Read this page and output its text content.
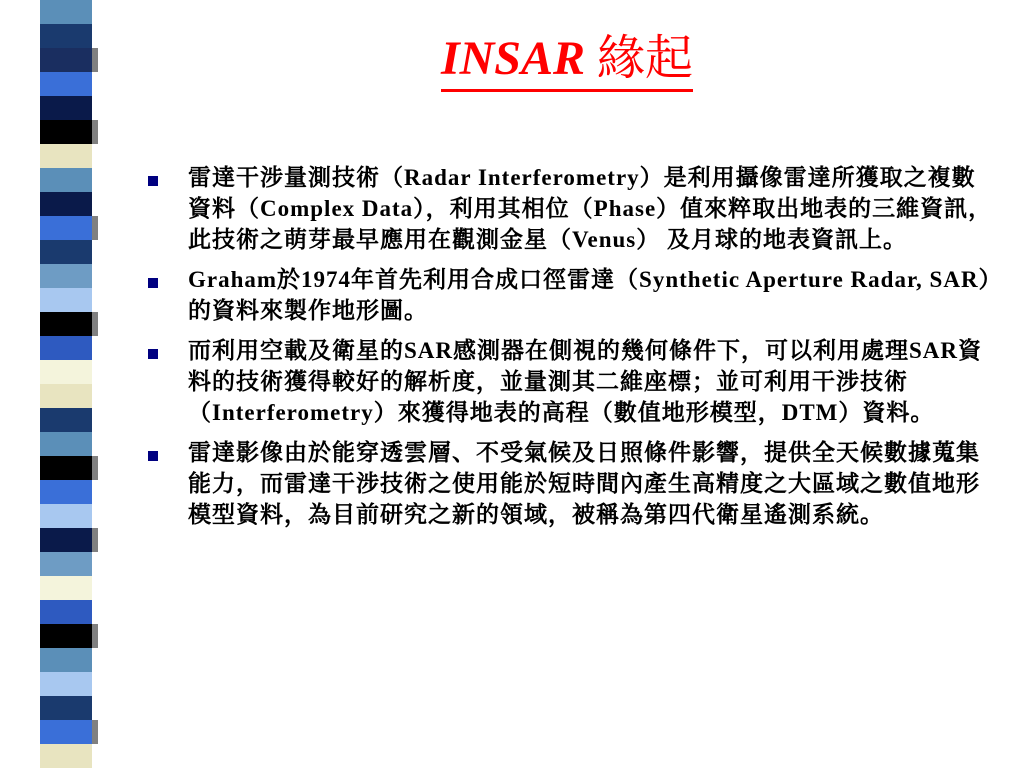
INSAR 緣起
雷達干涉量測技術（Radar Interferometry）是利用攝像雷達所獲取之複數資料（Complex Data），利用其相位（Phase）值來粹取出地表的三維資訊，此技術之萌芽最早應用在觀測金星（Venus） 及月球的地表資訊上。
Graham於1974年首先利用合成口徑雷達（Synthetic Aperture Radar, SAR）的資料來製作地形圖。
而利用空載及衛星的SAR感測器在側視的幾何條件下，可以利用處理SAR資料的技術獲得較好的解析度，並量測其二維座標；並可利用干涉技術（Interferometry）來獲得地表的高程（數值地形模型，DTM）資料。
雷達影像由於能穿透雲層、不受氣候及日照條件影響，提供全天候數據蒐集能力，而雷達干涉技術之使用能於短時間內產生高精度之大區域之數值地形模型資料，為目前研究之新的領域，被稱為第四代衛星遙測系統。
